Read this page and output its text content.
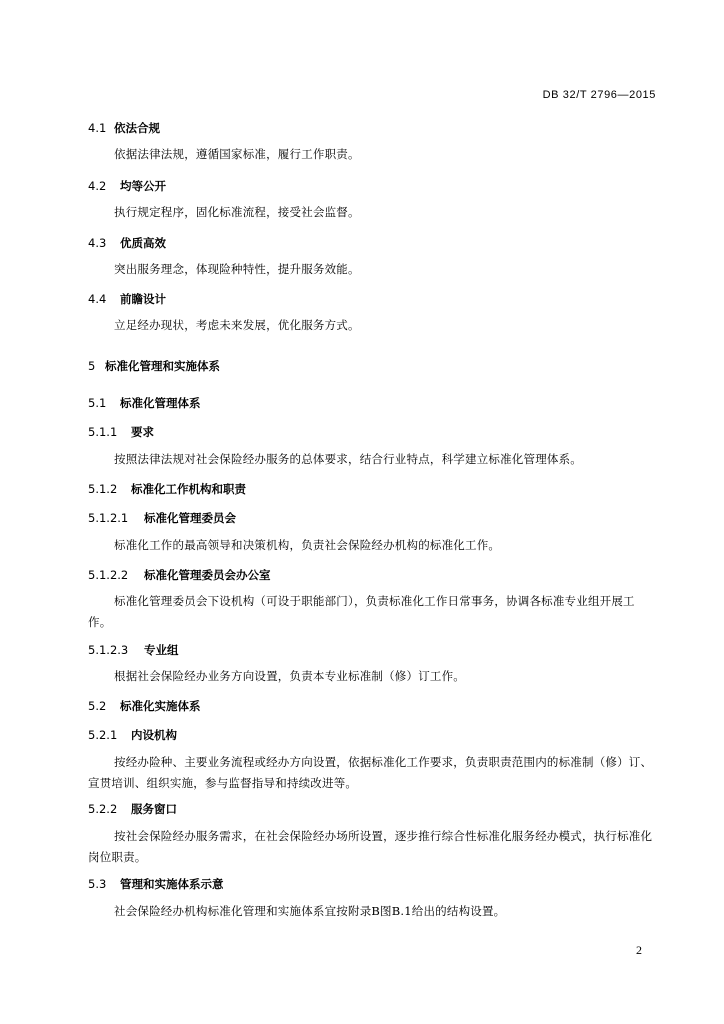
DB 32/T 2796—2015
4.1 依法合规
依据法律法规，遵循国家标准，履行工作职责。
4.2 均等公开
执行规定程序，固化标准流程，接受社会监督。
4.3 优质高效
突出服务理念，体现险种特性，提升服务效能。
4.4 前瞻设计
立足经办现状，考虑未来发展，优化服务方式。
5 标准化管理和实施体系
5.1 标准化管理体系
5.1.1 要求
按照法律法规对社会保险经办服务的总体要求，结合行业特点，科学建立标准化管理体系。
5.1.2 标准化工作机构和职责
5.1.2.1 标准化管理委员会
标准化工作的最高领导和决策机构，负责社会保险经办机构的标准化工作。
5.1.2.2 标准化管理委员会办公室
标准化管理委员会下设机构（可设于职能部门），负责标准化工作日常事务，协调各标准专业组开展工作。
5.1.2.3 专业组
根据社会保险经办业务方向设置，负责本专业标准制（修）订工作。
5.2 标准化实施体系
5.2.1 内设机构
按经办险种、主要业务流程或经办方向设置，依据标准化工作要求，负责职责范围内的标准制（修）订、宣贯培训、组织实施，参与监督指导和持续改进等。
5.2.2 服务窗口
按社会保险经办服务需求，在社会保险经办场所设置，逐步推行综合性标准化服务经办模式，执行标准化岗位职责。
5.3 管理和实施体系示意
社会保险经办机构标准化管理和实施体系宜按附录B图B.1给出的结构设置。
2
